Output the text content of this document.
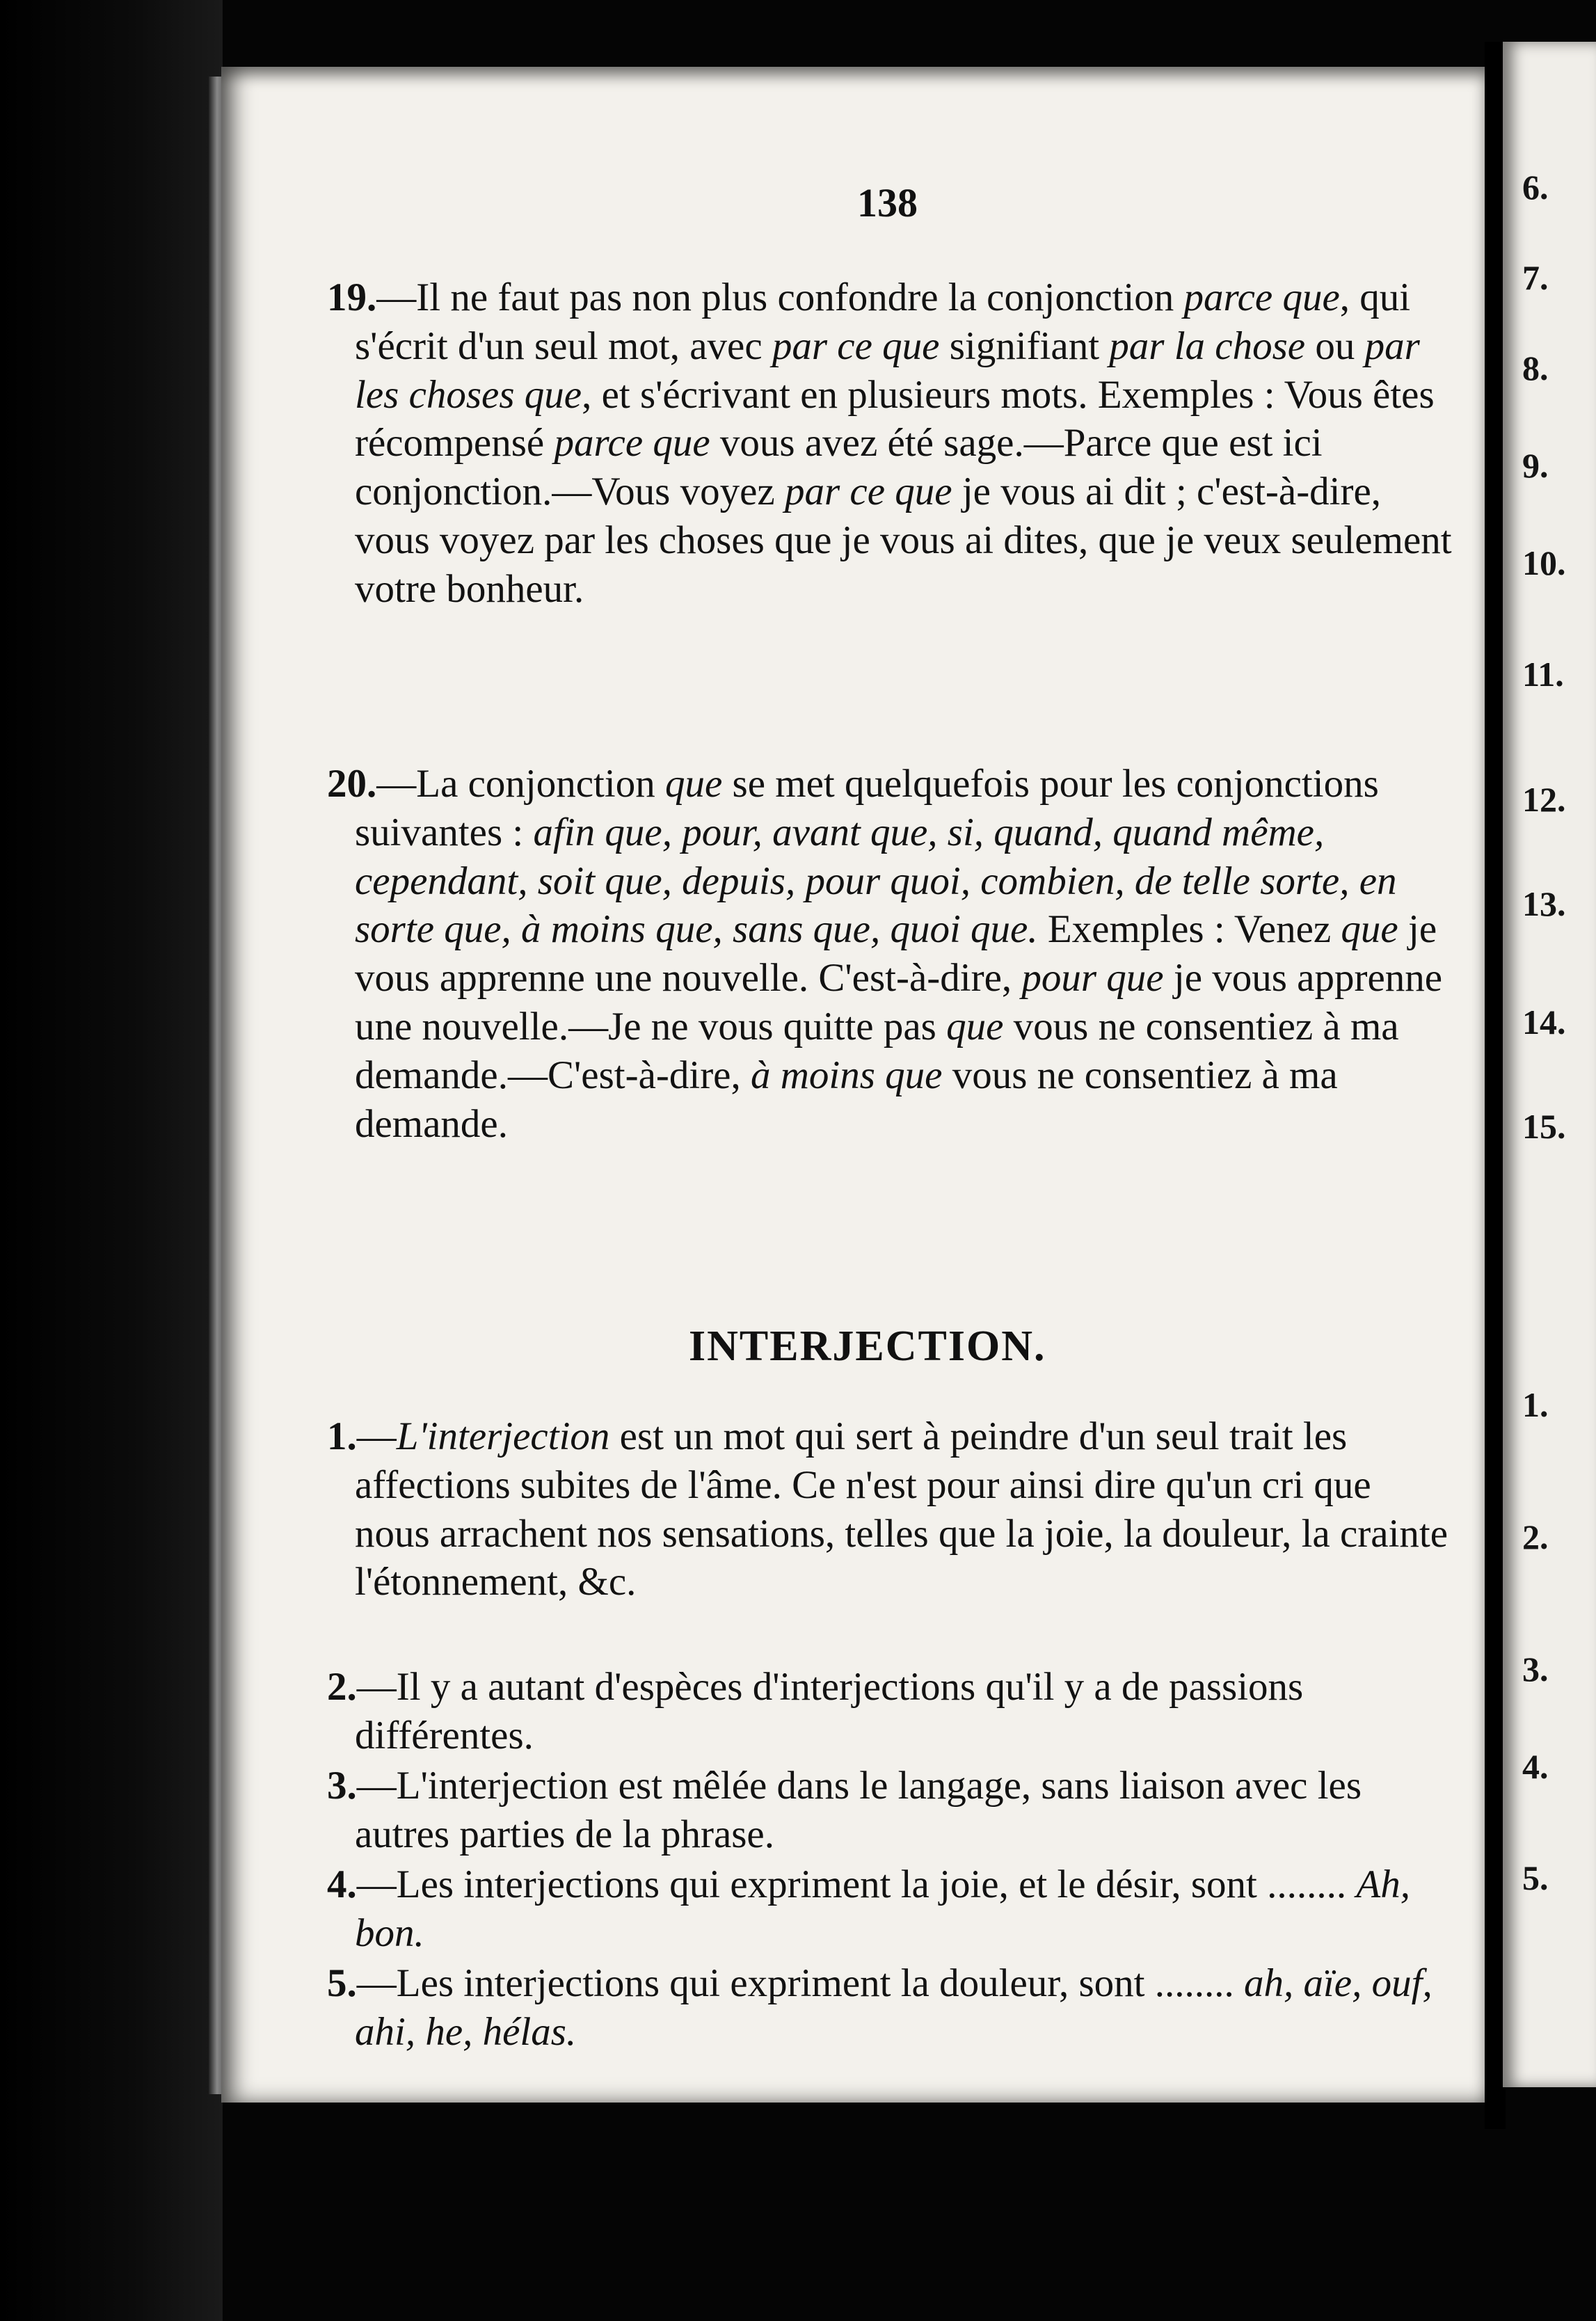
138
19.—Il ne faut pas non plus confondre la conjonction parce que, qui s'écrit d'un seul mot, avec par ce que signifiant par la chose ou par les choses que, et s'écrivant en plusieurs mots. Exemples : Vous êtes récompensé parce que vous avez été sage.—Parce que est ici conjonction.—Vous voyez par ce que je vous ai dit ; c'est-à-dire, vous voyez par les choses que je vous ai dites, que je veux seulement votre bonheur.
20.—La conjonction que se met quelquefois pour les conjonctions suivantes : afin que, pour, avant que, si, quand, quand même, cependant, soit que, depuis, pour quoi, combien, de telle sorte, en sorte que, à moins que, sans que, quoi que. Exemples : Venez que je vous apprenne une nouvelle. C'est-à-dire, pour que je vous apprenne une nouvelle.—Je ne vous quitte pas que vous ne consentiez à ma demande.—C'est-à-dire, à moins que vous ne consentiez à ma demande.
INTERJECTION.
1.—L'interjection est un mot qui sert à peindre d'un seul trait les affections subites de l'âme. Ce n'est pour ainsi dire qu'un cri que nous arrachent nos sensations, telles que la joie, la douleur, la crainte l'étonnement, &c.
2.—Il y a autant d'espèces d'interjections qu'il y a de passions différentes.
3.—L'interjection est mêlée dans le langage, sans liaison avec les autres parties de la phrase.
4.—Les interjections qui expriment la joie, et le désir, sont ........ Ah, bon.
5.—Les interjections qui expriment la douleur, sont ........ ah, aïe, ouf, ahi, he, hélas.
6.
7.
8.
9.
10.
11.
12.
13.
14.
15.
1.
2.
3.
4.
5.
